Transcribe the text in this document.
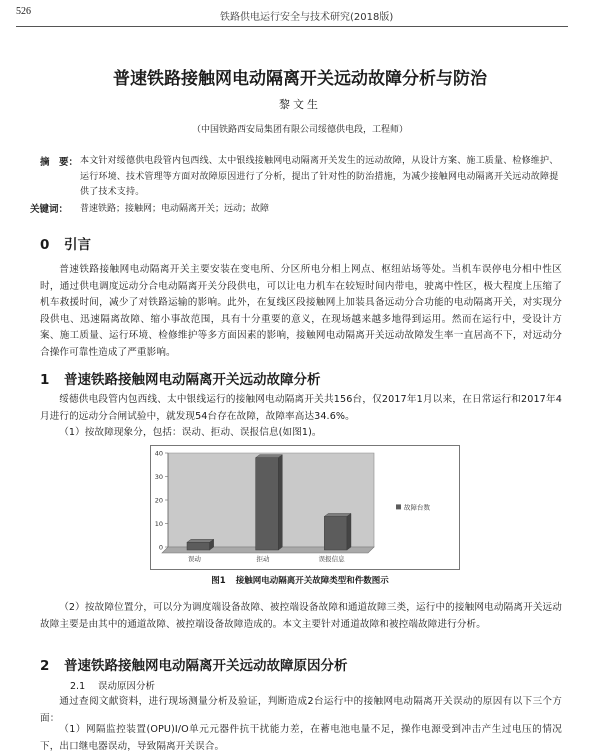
526
铁路供电运行安全与技术研究(2018版)
普速铁路接触网电动隔离开关远动故障分析与防治
黎文生
（中国铁路西安局集团有限公司绥德供电段，工程师）
摘　要： 本文针对绥德供电段管内包西线、太中银线接触网电动隔离开关发生的远动故障，从设计方案、施工质量、检修维护、运行环境、技术管理等方面对故障原因进行了分析，提出了针对性的防治措施，为减少接触网电动隔离开关远动故障提供了技术支持。
关键词： 普速铁路；接触网；电动隔离开关；远动；故障
0 引言
普速铁路接触网电动隔离开关主要安装在变电所、分区所电分相上网点、枢纽站场等处。当机车误停电分相中性区时，通过供电调度远动分合电动隔离开关分段供电，可以让电力机车在较短时间内带电，驶离中性区，极大程度上压缩了机车救援时间，减少了对铁路运输的影响。此外，在复线区段接触网上加装具备远动分合功能的电动隔离开关，对实现分段供电、迅速隔离故障、缩小事故范围，具有十分重要的意义，在现场越来越多地得到运用。然而在运行中，受设计方案、施工质量、运行环境、检修维护等多方面因素的影响，接触网电动隔离开关远动故障发生率一直居高不下，对远动分合操作可靠性造成了严重影响。
1 普速铁路接触网电动隔离开关远动故障分析
绥德供电段管内包西线、太中银线运行的接触网电动隔离开关共156台，仅2017年1月以来，在日常运行和2017年4月进行的远动分合闸试验中，就发现54台存在故障，故障率高达34.6%。
（1）按故障现象分，包括：误动、拒动、误报信息(如图1)。
0
10
20
30
40
误动	拒动	误报信息
故障台数
图1 接触网电动隔离开关故障类型和件数图示
（2）按故障位置分，可以分为调度端设备故障、被控端设备故障和通道故障三类，运行中的接触网电动隔离开关远动故障主要是由其中的通道故障、被控端设备故障造成的。本文主要针对通道故障和被控端故障进行分析。
2 普速铁路接触网电动隔离开关远动故障原因分析
2.1 误动原因分析
通过查阅文献资料，进行现场测量分析及验证，判断造成2台运行中的接触网电动隔离开关误动的原因有以下三个方面：
（1）网隔监控装置(OPU)I/O单元元器件抗干扰能力差，在蓄电池电量不足，操作电源受到冲击产生过电压的情况下，出口继电器误动，导致隔离开关误合。
